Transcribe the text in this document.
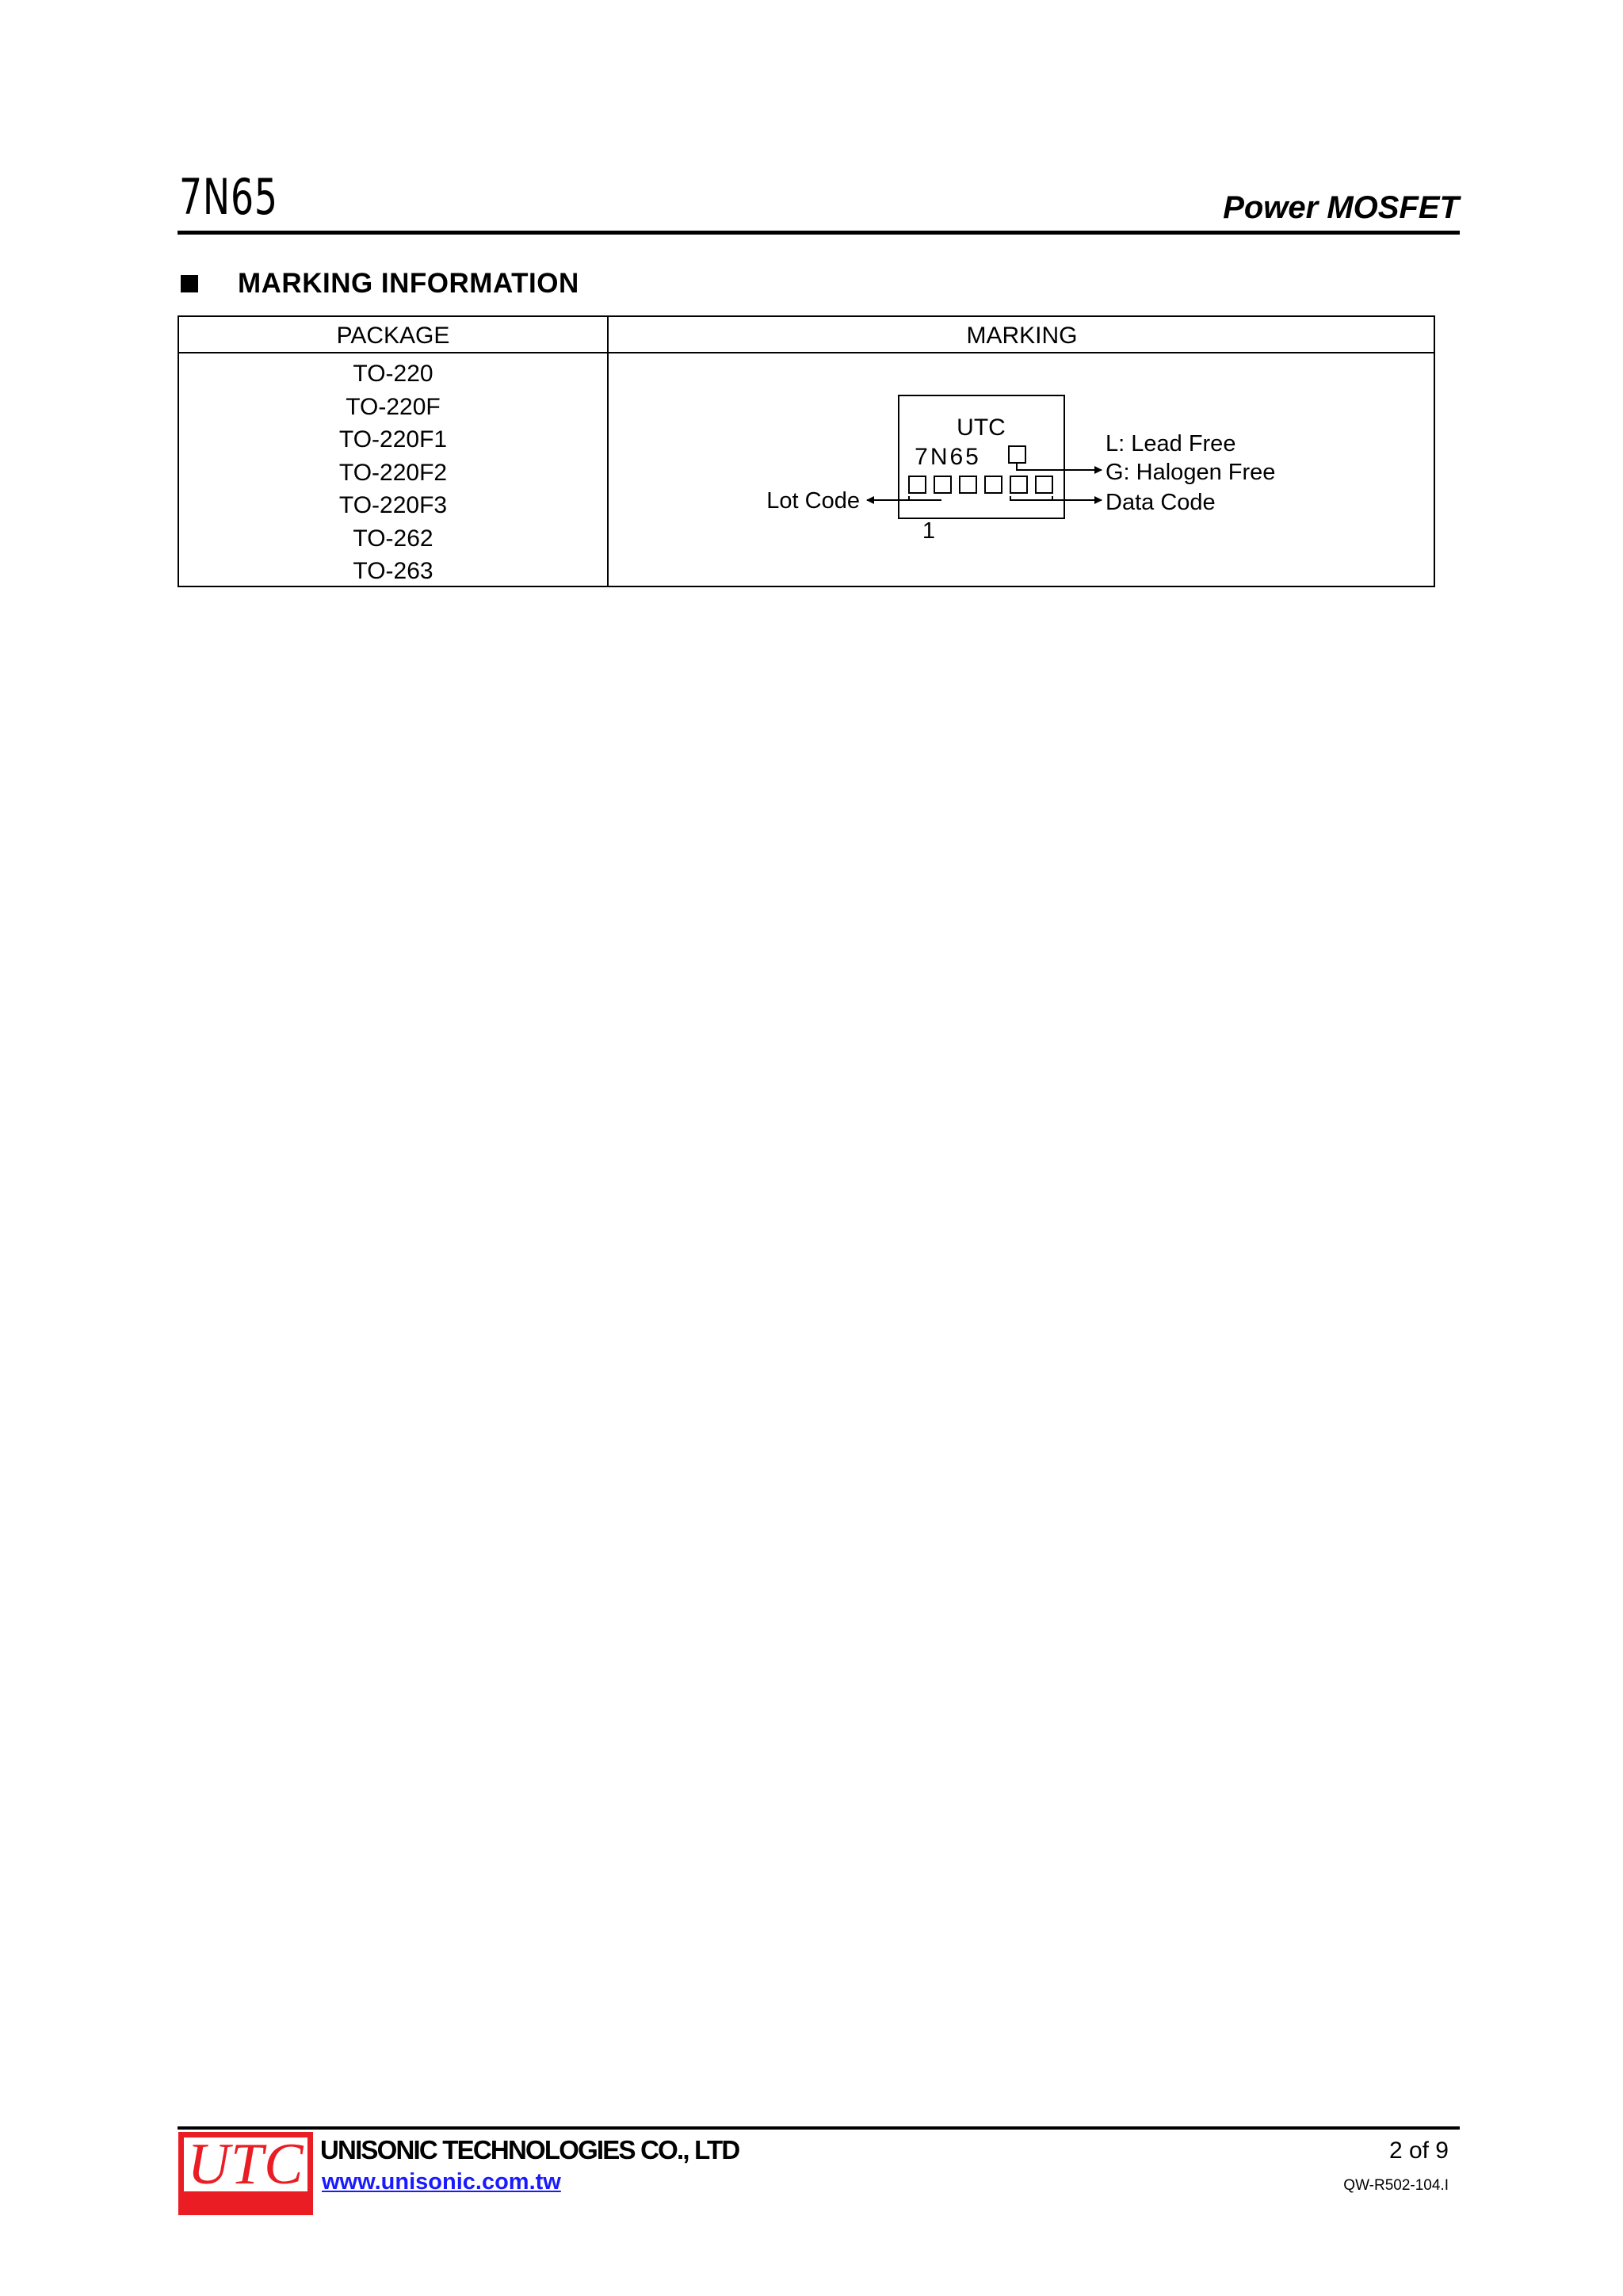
7N65	Power MOSFET
MARKING INFORMATION
PACKAGE	MARKING
TO-220
TO-220F
TO-220F1
TO-220F2
TO-220F3
TO-262
TO-263
UTC
7N65
Lot Code
1
L: Lead Free
G: Halogen Free
Data Code
UTC UNISONIC TECHNOLOGIES CO., LTD
www.unisonic.com.tw
2 of 9
QW-R502-104.I
